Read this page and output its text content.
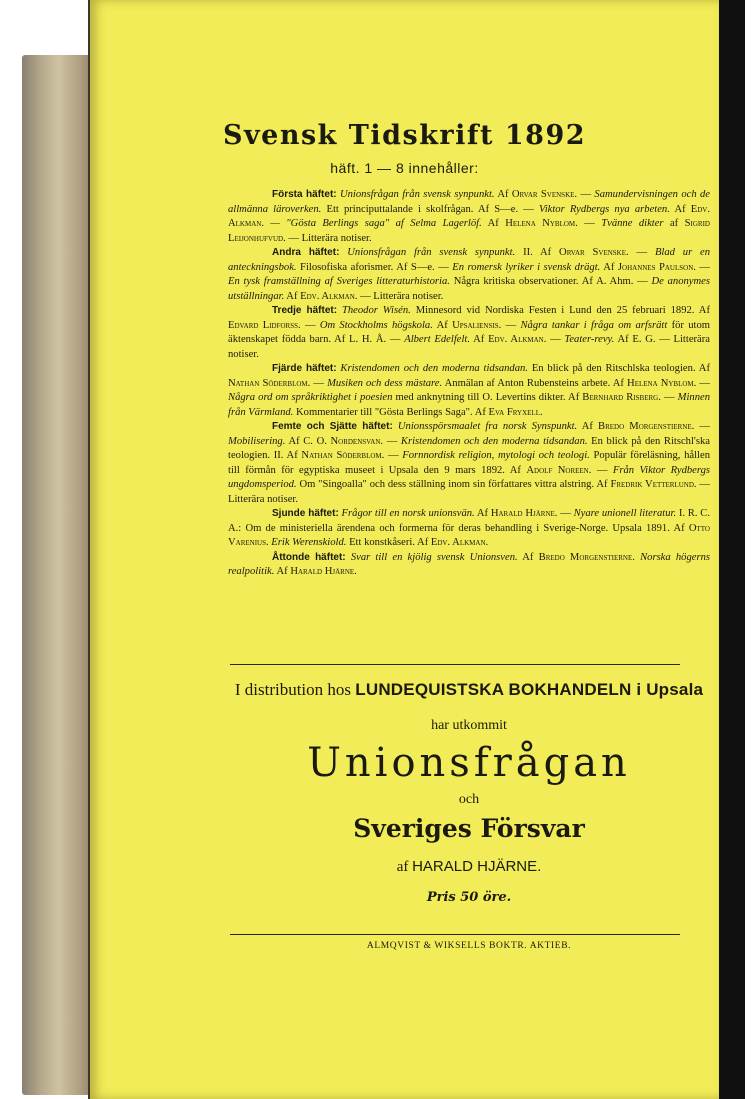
Svensk Tidskrift 1892
häft. 1 — 8 innehåller:

Första häftet: Unionsfrågan från svensk synpunkt. Af Orvar Svenske. — Samundervisningen och de allmänna läroverken. Ett principuttalande i skolfrågan. Af S—e. — Viktor Rydbergs nya arbeten. Af Edv. Alkman. — "Gösta Berlings saga" af Selma Lagerlöf. Af Helena Nyblom. — Tvänne dikter af Sigrid Leijonhufvud. — Litterära notiser.

Andra häftet: Unionsfrågan från svensk synpunkt. II. Af Orvar Svenske. — Blad ur en anteckningsbok. Filosofiska aforismer. Af S—e. — En romersk lyriker i svensk drägt. Af Johannes Paulson. — En tysk framställning af Sveriges litteraturhistoria. Några kritiska observationer. Af A. Ahm. — De anonymes utställningar. Af Edv. Alkman. — Litterära notiser.

Tredje häftet: Theodor Wisén. Minnesord vid Nordiska Festen i Lund den 25 februari 1892. Af Edvard Lidforss. — Om Stockholms högskola. Af Upsaliensis. — Några tankar i fråga om arfsrätt för utom äktenskapet födda barn. Af L. H. Å. — Albert Edelfelt. Af Edv. Alkman. — Teater-revy. Af E. G. — Litterära notiser.

Fjärde häftet: Kristendomen och den moderna tidsandan. En blick på den Ritschlska teologien. Af Nathan Söderblom. — Musiken och dess mästare. Anmälan af Anton Rubensteins arbete. Af Helena Nyblom. — Några ord om språkriktighet i poesien med anknytning till O. Levertins dikter. Af Bernhard Risberg. — Minnen från Värmland. Kommentarier till "Gösta Berlings Saga". Af Eva Fryxell.

Femte och Sjätte häftet: Unionsspörsmaalet fra norsk Synspunkt. Af Bredo Morgenstierne. — Mobilisering. Af C. O. Nordensvan. — Kristendomen och den moderna tidsandan. En blick på den Ritschl'ska teologien. II. Af Nathan Söderblom. — Fornnordisk religion, mytologi och teologi. Populär föreläsning, hållen till förmån för egyptiska museet i Upsala den 9 mars 1892. Af Adolf Noreen. — Från Viktor Rydbergs ungdomsperiod. Om "Singoalla" och dess ställning inom sin författares vittra alstring. Af Fredrik Vetterlund. — Litterära notiser.

Sjunde häftet: Frågor till en norsk unionsvän. Af Harald Hjärne. — Nyare unionell literatur. I. R. C. A.: Om de ministeriella ärendena och formerna för deras behandling i Sverige-Norge. Upsala 1891. Af Otto Varenius. Erik Werenskiold. Ett konstkåseri. Af Edv. Alkman.

Åttonde häftet: Svar till en kjölig svensk Unionsven. Af Bredo Morgenstierne. Norska högerns realpolitik. Af Harald Hjärne.

I distribution hos LUNDEQUISTSKA BOKHANDELN i Upsala
har utkommit
Unionsfrågan
och
Sveriges Försvar
af HARALD HJÄRNE.
Pris 50 öre.
ALMQVIST & WIKSELLS BOKTR. AKTIEB.
